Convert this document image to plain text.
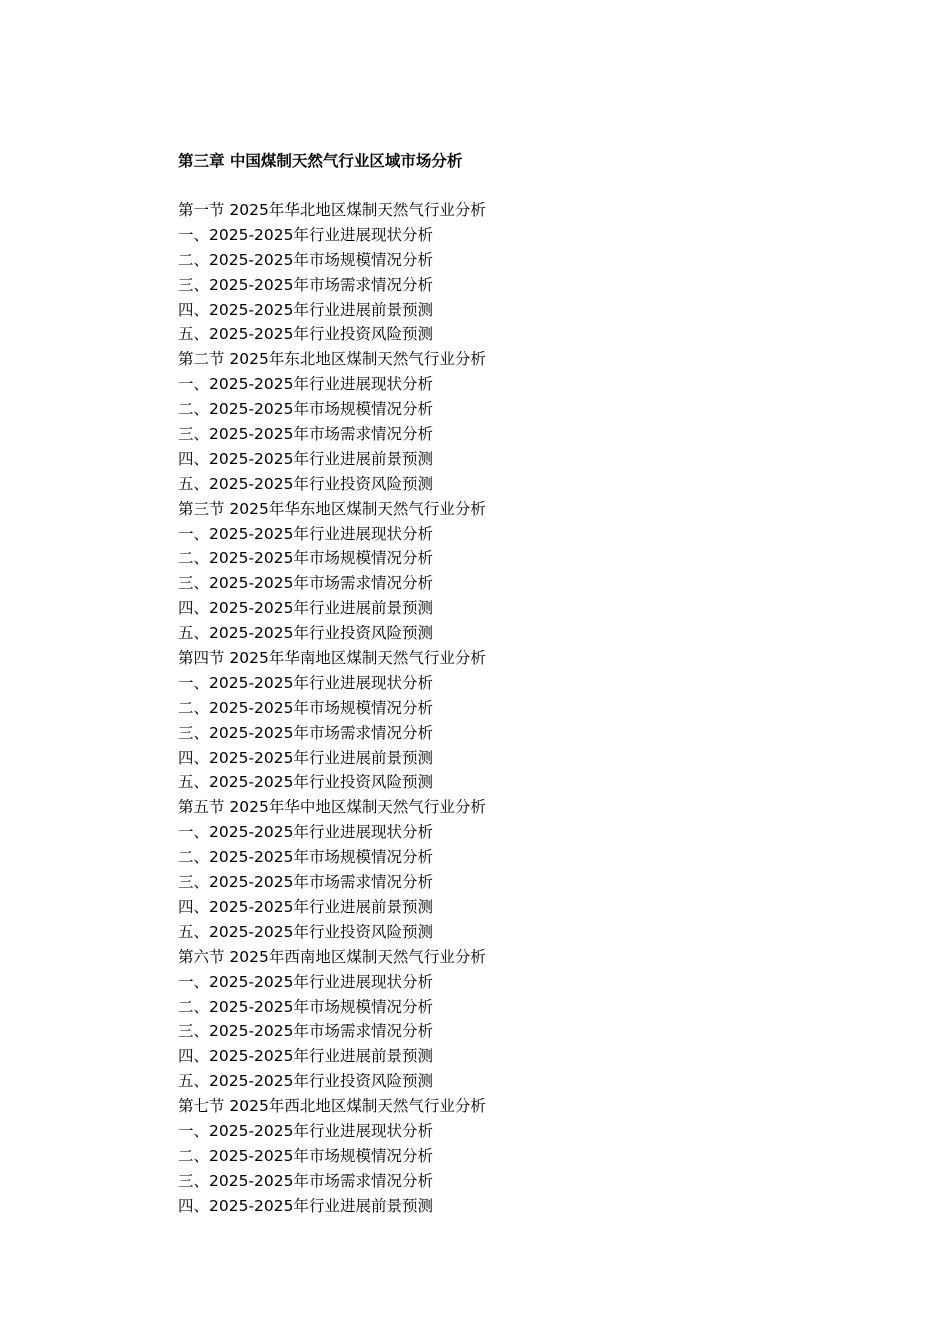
第三章 中国煤制天然气行业区域市场分析
第一节 2025年华北地区煤制天然气行业分析
一、2025-2025年行业进展现状分析
二、2025-2025年市场规模情况分析
三、2025-2025年市场需求情况分析
四、2025-2025年行业进展前景预测
五、2025-2025年行业投资风险预测
第二节 2025年东北地区煤制天然气行业分析
一、2025-2025年行业进展现状分析
二、2025-2025年市场规模情况分析
三、2025-2025年市场需求情况分析
四、2025-2025年行业进展前景预测
五、2025-2025年行业投资风险预测
第三节 2025年华东地区煤制天然气行业分析
一、2025-2025年行业进展现状分析
二、2025-2025年市场规模情况分析
三、2025-2025年市场需求情况分析
四、2025-2025年行业进展前景预测
五、2025-2025年行业投资风险预测
第四节 2025年华南地区煤制天然气行业分析
一、2025-2025年行业进展现状分析
二、2025-2025年市场规模情况分析
三、2025-2025年市场需求情况分析
四、2025-2025年行业进展前景预测
五、2025-2025年行业投资风险预测
第五节 2025年华中地区煤制天然气行业分析
一、2025-2025年行业进展现状分析
二、2025-2025年市场规模情况分析
三、2025-2025年市场需求情况分析
四、2025-2025年行业进展前景预测
五、2025-2025年行业投资风险预测
第六节 2025年西南地区煤制天然气行业分析
一、2025-2025年行业进展现状分析
二、2025-2025年市场规模情况分析
三、2025-2025年市场需求情况分析
四、2025-2025年行业进展前景预测
五、2025-2025年行业投资风险预测
第七节 2025年西北地区煤制天然气行业分析
一、2025-2025年行业进展现状分析
二、2025-2025年市场规模情况分析
三、2025-2025年市场需求情况分析
四、2025-2025年行业进展前景预测
